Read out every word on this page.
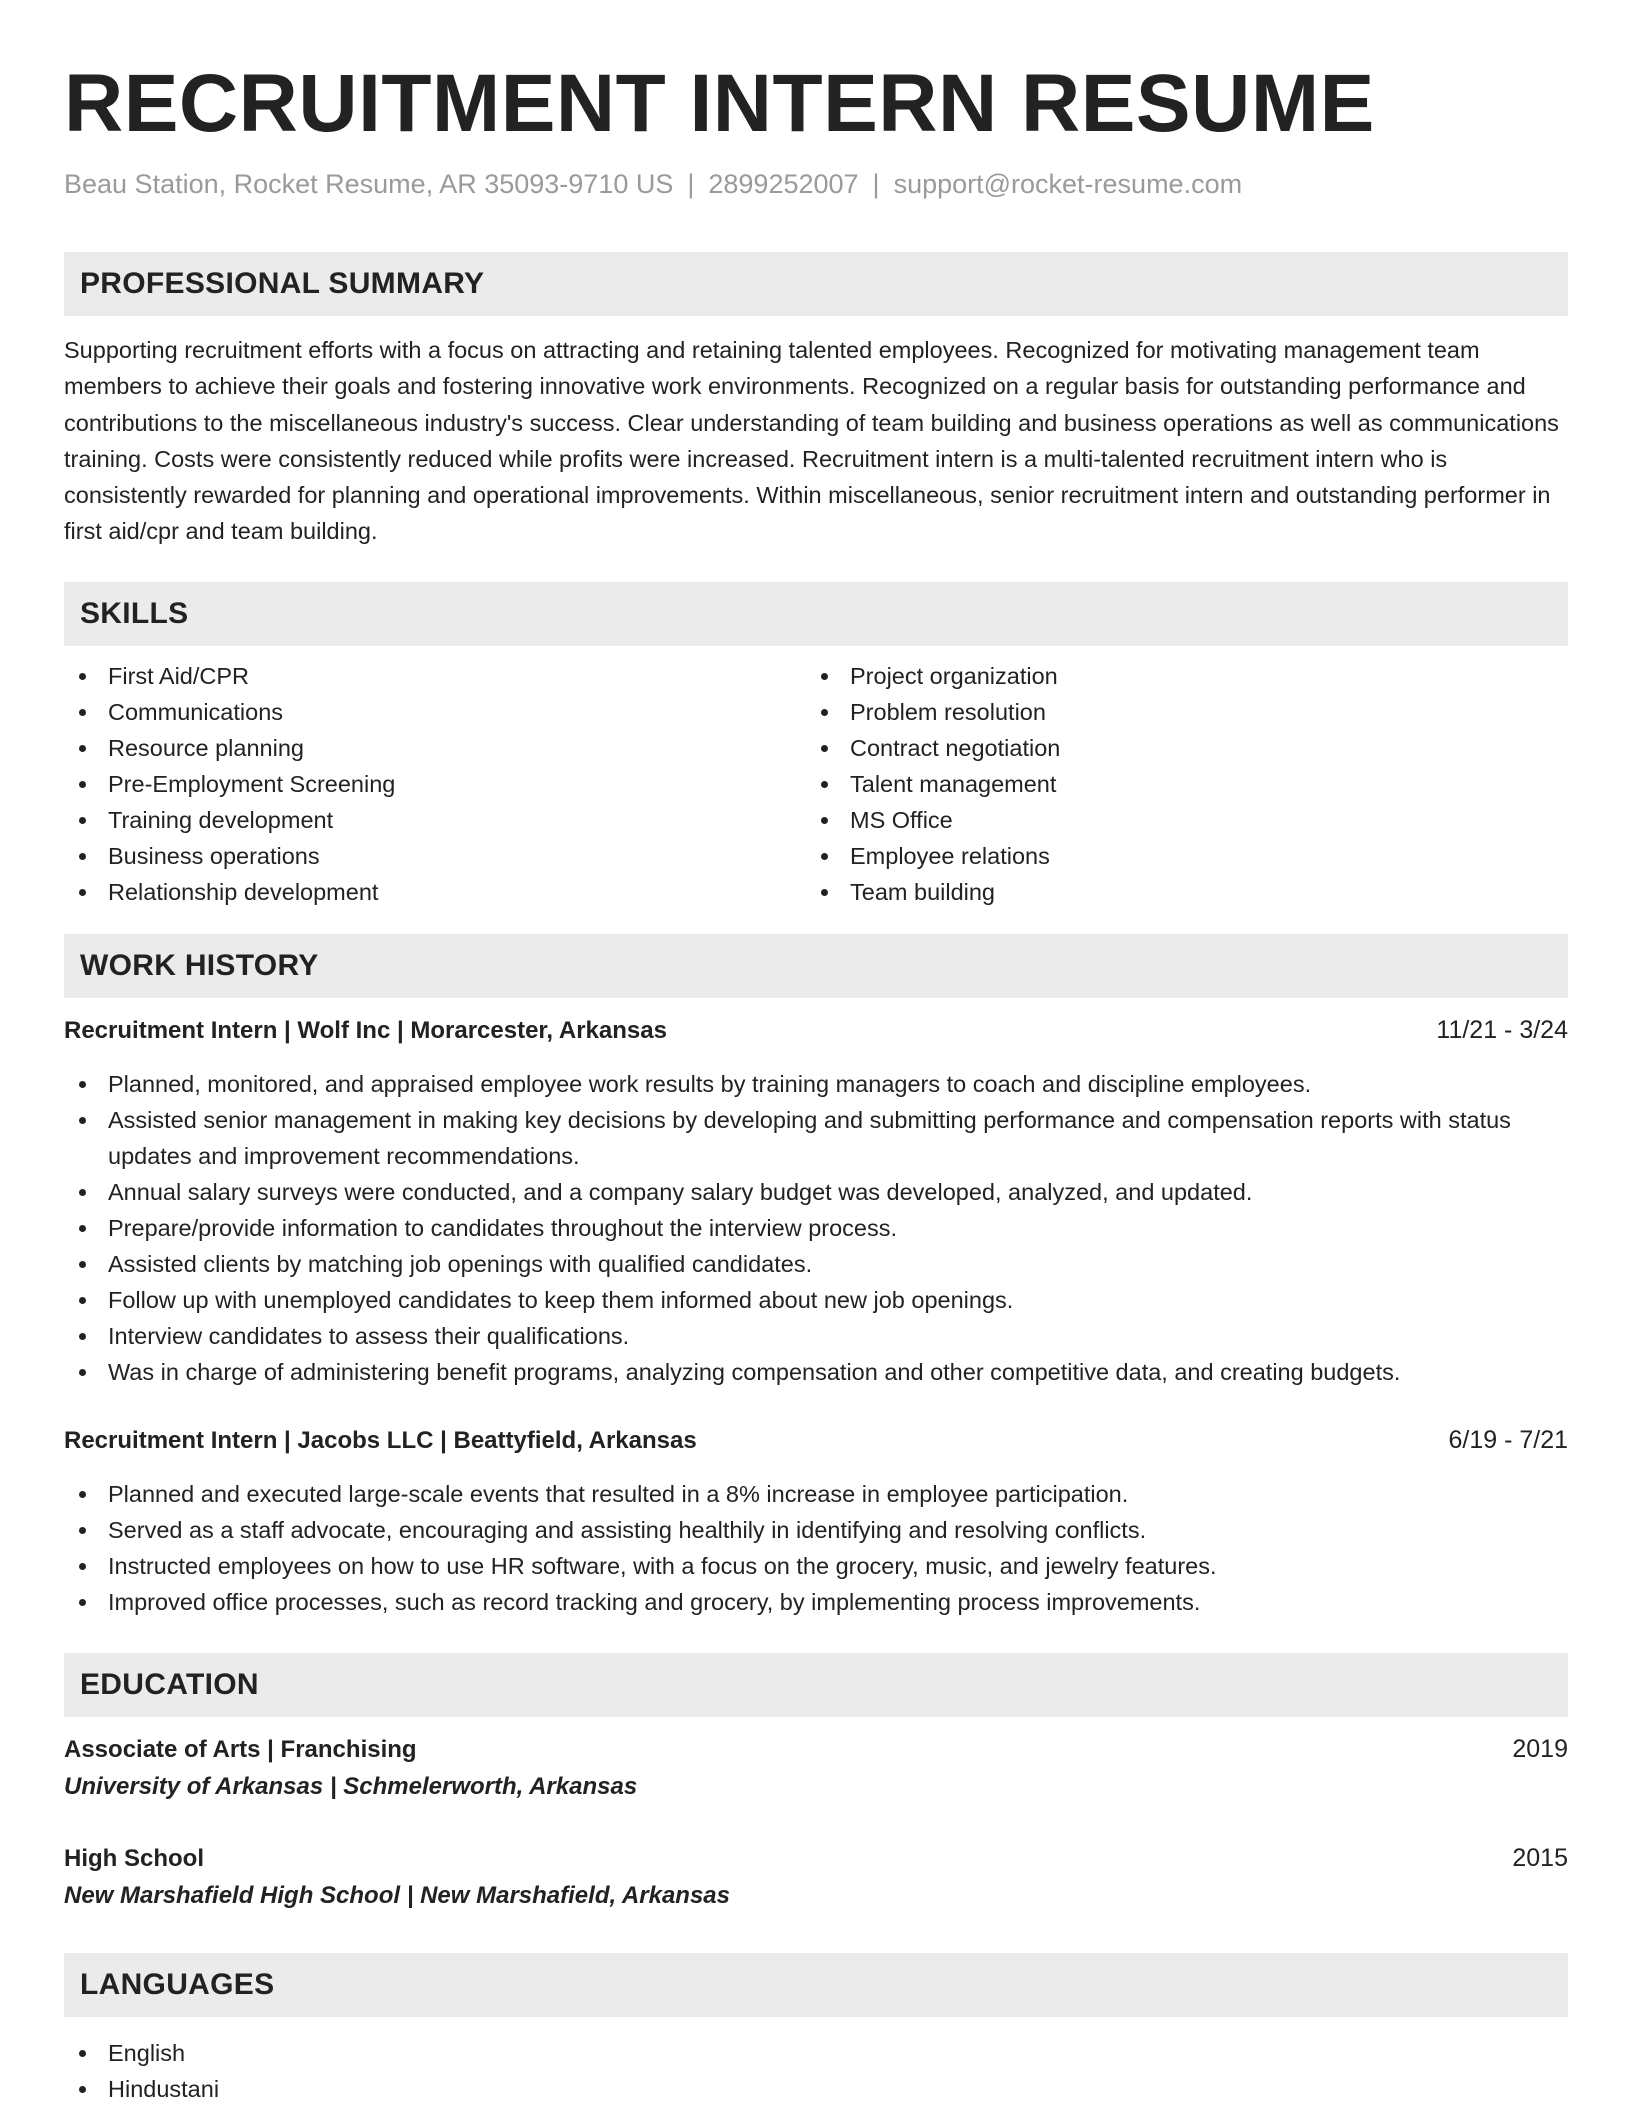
RECRUITMENT INTERN RESUME
Beau Station, Rocket Resume, AR 35093-9710 US | 2899252007 | support@rocket-resume.com
PROFESSIONAL SUMMARY

Supporting recruitment efforts with a focus on attracting and retaining talented employees. Recognized for motivating management team members to achieve their goals and fostering innovative work environments. Recognized on a regular basis for outstanding performance and contributions to the miscellaneous industry's success. Clear understanding of team building and business operations as well as communications training. Costs were consistently reduced while profits were increased. Recruitment intern is a multi-talented recruitment intern who is consistently rewarded for planning and operational improvements. Within miscellaneous, senior recruitment intern and outstanding performer in first aid/cpr and team building.

SKILLS
First Aid/CPR
Communications
Resource planning
Pre-Employment Screening
Training development
Business operations
Relationship development
Project organization
Problem resolution
Contract negotiation
Talent management
MS Office
Employee relations
Team building
WORK HISTORY
Recruitment Intern | Wolf Inc | Morarcester, Arkansas	11/21 - 3/24
Planned, monitored, and appraised employee work results by training managers to coach and discipline employees.
Assisted senior management in making key decisions by developing and submitting performance and compensation reports with status updates and improvement recommendations.
Annual salary surveys were conducted, and a company salary budget was developed, analyzed, and updated.
Prepare/provide information to candidates throughout the interview process.
Assisted clients by matching job openings with qualified candidates.
Follow up with unemployed candidates to keep them informed about new job openings.
Interview candidates to assess their qualifications.
Was in charge of administering benefit programs, analyzing compensation and other competitive data, and creating budgets.
Recruitment Intern | Jacobs LLC | Beattyfield, Arkansas	6/19 - 7/21
Planned and executed large-scale events that resulted in a 8% increase in employee participation.
Served as a staff advocate, encouraging and assisting healthily in identifying and resolving conflicts.
Instructed employees on how to use HR software, with a focus on the grocery, music, and jewelry features.
Improved office processes, such as record tracking and grocery, by implementing process improvements.
EDUCATION
Associate of Arts | Franchising	2019
University of Arkansas | Schmelerworth, Arkansas
High School	2015
New Marshafield High School | New Marshafield, Arkansas
LANGUAGES
English
Hindustani
